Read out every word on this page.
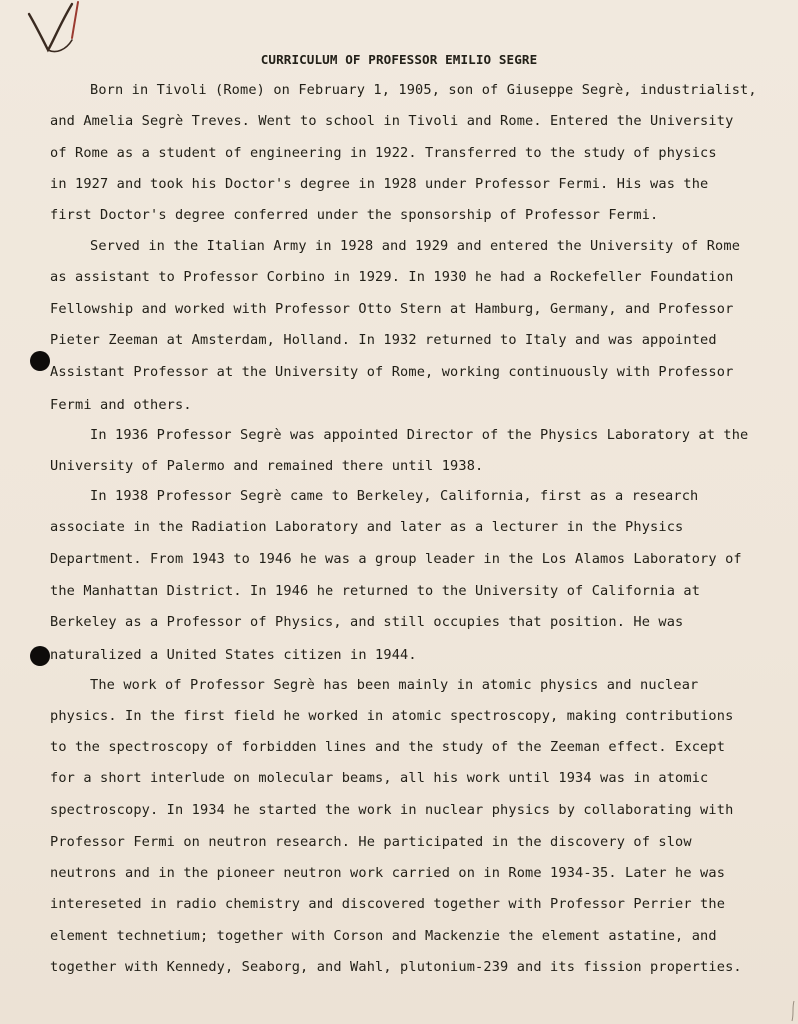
CURRICULUM OF PROFESSOR EMILIO SEGRE
Born in Tivoli (Rome) on February 1, 1905, son of Giuseppe Segrè, industrialist,
and Amelia Segrè Treves. Went to school in Tivoli and Rome. Entered the University
of Rome as a student of engineering in 1922. Transferred to the study of physics
in 1927 and took his Doctor's degree in 1928 under Professor Fermi. His was the
first Doctor's degree conferred under the sponsorship of Professor Fermi.
Served in the Italian Army in 1928 and 1929 and entered the University of Rome
as assistant to Professor Corbino in 1929. In 1930 he had a Rockefeller Foundation
Fellowship and worked with Professor Otto Stern at Hamburg, Germany, and Professor
Pieter Zeeman at Amsterdam, Holland. In 1932 returned to Italy and was appointed
Assistant Professor at the University of Rome, working continuously with Professor
Fermi and others.
In 1936 Professor Segrè was appointed Director of the Physics Laboratory at the
University of Palermo and remained there until 1938.
In 1938 Professor Segrè came to Berkeley, California, first as a research
associate in the Radiation Laboratory and later as a lecturer in the Physics
Department. From 1943 to 1946 he was a group leader in the Los Alamos Laboratory of
the Manhattan District. In 1946 he returned to the University of California at
Berkeley as a Professor of Physics, and still occupies that position. He was
naturalized a United States citizen in 1944.
The work of Professor Segrè has been mainly in atomic physics and nuclear
physics. In the first field he worked in atomic spectroscopy, making contributions
to the spectroscopy of forbidden lines and the study of the Zeeman effect. Except
for a short interlude on molecular beams, all his work until 1934 was in atomic
spectroscopy. In 1934 he started the work in nuclear physics by collaborating with
Professor Fermi on neutron research. He participated in the discovery of slow
neutrons and in the pioneer neutron work carried on in Rome 1934-35. Later he was
intereseted in radio chemistry and discovered together with Professor Perrier the
element technetium; together with Corson and Mackenzie the element astatine, and
together with Kennedy, Seaborg, and Wahl, plutonium-239 and its fission properties.
